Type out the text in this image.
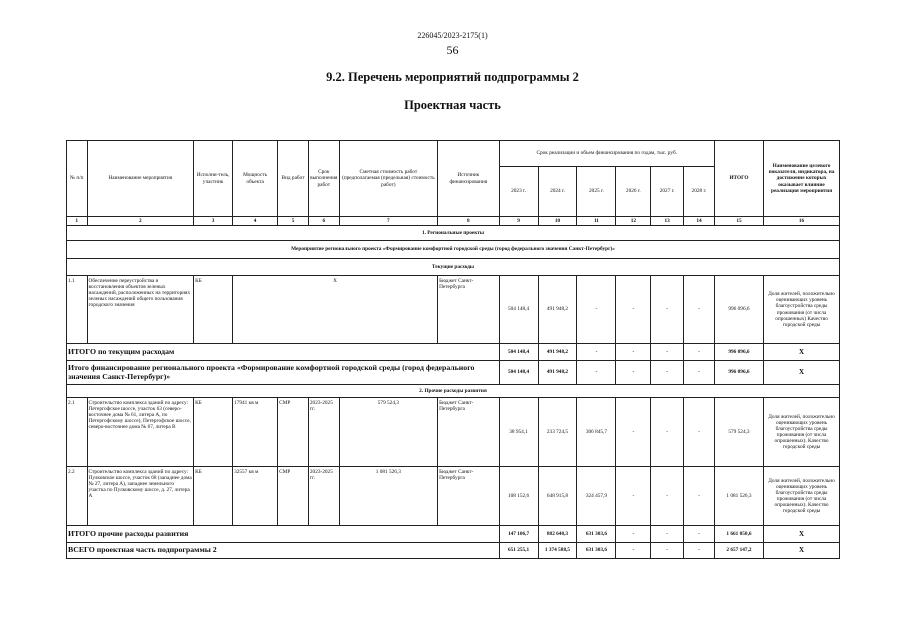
226045/2023-2175(1)
56
9.2. Перечень мероприятий подпрограммы 2
Проектная часть
№ п/п	Наименование мероприятия	Исполни-тель, участник	Мощность объекта	Вид работ	Срок выполнения работ	Сметная стоимость работ (предполагаемая (предельная) стоимость работ)	Источник финансирования	Срок реализации и объем финансирования по годам, тыс. руб.						ИТОГО	Наименование целевого показателя, индикатора, на достижение которых оказывает влияние реализация мероприятия
								2023 г.	2024 г.	2025 г.	2026 г.	2027 г.	2028 г.		
1	2	3	4	5	6	7	8	9	10	11	12	13	14	15	16
1. Региональные проекты															
Мероприятие регионального проекта «Формирование комфортной городской среды (город федерального значения Санкт-Петербург)»															
Текущие расходы															
1.1	Обеспечение переустройства и восстановления объектов зеленых насаждений, расположенных на территориях зеленых насаждений общего пользования городского значения	КБ	Х				Бюджет Санкт-Петербурга	504 148,4	491 948,2	-	-	-	-	996 096,6	Доля жителей, положительно оценивающих уровень благоустройства среды проживания (от числа опрошенных) Качество городской среды
ИТОГО по текущим расходам								504 148,4	491 948,2	-	-	-	-	996 096,6	Х
Итого финансирование регионального проекта «Формирование комфортной городской среды (город федерального значения Санкт-Петербург)»								504 148,4	491 948,2	-	-	-	-	996 096,6	Х
2. Прочие расходы развития															
2.1	Строительство комплекса зданий по адресу: Петергофское шоссе, участок 63 (северо-восточнее дома № 61, литера А, по Петергофскому шоссе), Петергофское шоссе, северо-восточнее дома № 67, литера В	КБ	17941 кв м	СМР	2023-2025 гг.	579 524,3	Бюджет Санкт-Петербурга	38 954,1	233 724,5	306 845,7	-	-	-	579 524,3	Доля жителей, положительно оценивающих уровень благоустройства среды проживания (от числа опрошенных). Качество городской среды
2.2	Строительство комплекса зданий по адресу: Пулковское шоссе, участок 68 (западнее дома № 27, литера А), западнее земельного участка по Пулковскому шоссе, д. 27, литера А	КБ	32557 кв м	СМР	2023-2025 гг.	1 081 526,3	Бюджет Санкт-Петербурга	108 152,6	648 915,8	324 457,9	-	-	-	1 081 526,3	Доля жителей, положительно оценивающих уровень благоустройства среды проживания (от числа опрошенных). Качество городской среды
ИТОГО прочие расходы развития								147 106,7	882 640,3	631 303,6	-	-	-	1 661 050,6	Х
ВСЕГО проектная часть подпрограммы 2								651 255,1	1 374 588,5	631 303,6	-	-	-	2 657 147,2	Х
